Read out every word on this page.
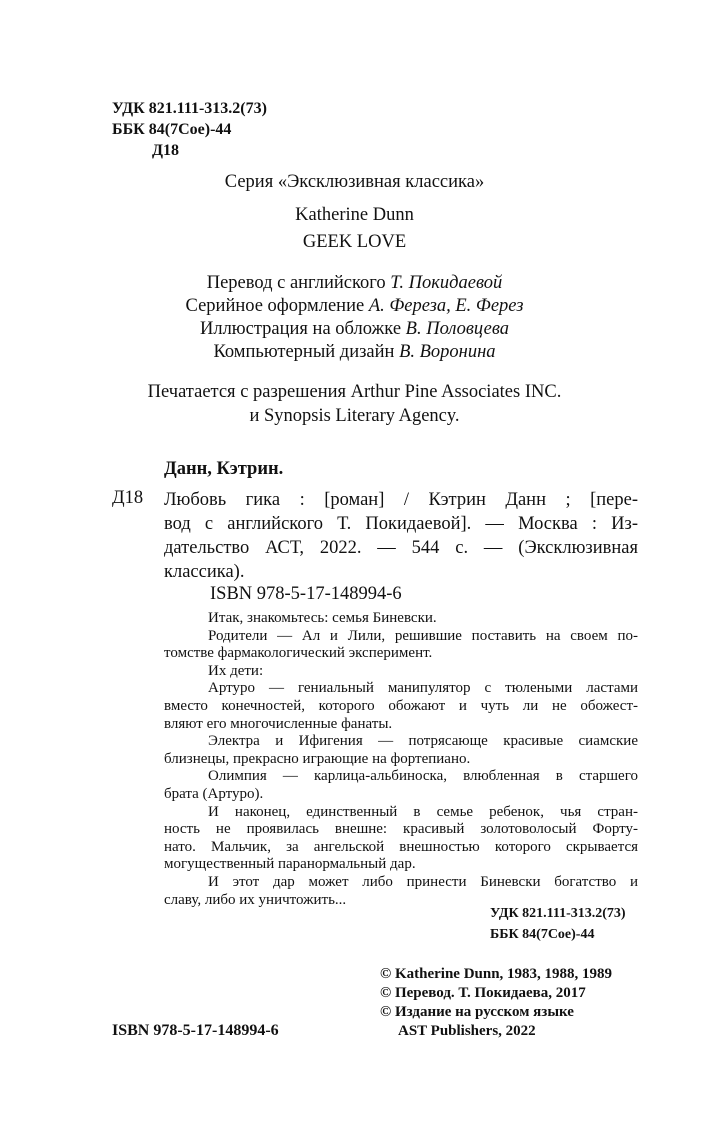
УДК 821.111-313.2(73)
ББК 84(7Сое)-44
Д18
Серия «Эксклюзивная классика»
Katherine Dunn
GEEK LOVE
Перевод с английского Т. Покидаевой
Серийное оформление А. Фереза, Е. Ферез
Иллюстрация на обложке В. Половцева
Компьютерный дизайн В. Воронина
Печатается с разрешения Arthur Pine Associates INC.
и Synopsis Literary Agency.
Данн, Кэтрин.
Д18 Любовь гика : [роман] / Кэтрин Данн ; [пере-
вод с английского Т. Покидаевой]. — Москва : Из-
дательство АСТ, 2022. — 544 с. — (Эксклюзивная
классика).
ISBN 978-5-17-148994-6
Итак, знакомьтесь: семья Биневски.
Родители — Ал и Лили, решившие поставить на своем по-
томстве фармакологический эксперимент.
Их дети:
Артуро — гениальный манипулятор с тюлеными ластами
вместо конечностей, которого обожают и чуть ли не обожест-
вляют его многочисленные фанаты.
Электра и Ифигения — потрясающе красивые сиамские
близнецы, прекрасно играющие на фортепиано.
Олимпия — карлица-альбиноска, влюбленная в старшего
брата (Артуро).
И наконец, единственный в семье ребенок, чья стран-
ность не проявилась внешне: красивый золотоволосый Форту-
нато. Мальчик, за ангельской внешностью которого скрывается
могущественный паранормальный дар.
И этот дар может либо принести Биневски богатство и
славу, либо их уничтожить...
УДК 821.111-313.2(73)
ББК 84(7Сое)-44
© Katherine Dunn, 1983, 1988, 1989
© Перевод. Т. Покидаева, 2017
© Издание на русском языке
AST Publishers, 2022
ISBN 978-5-17-148994-6
